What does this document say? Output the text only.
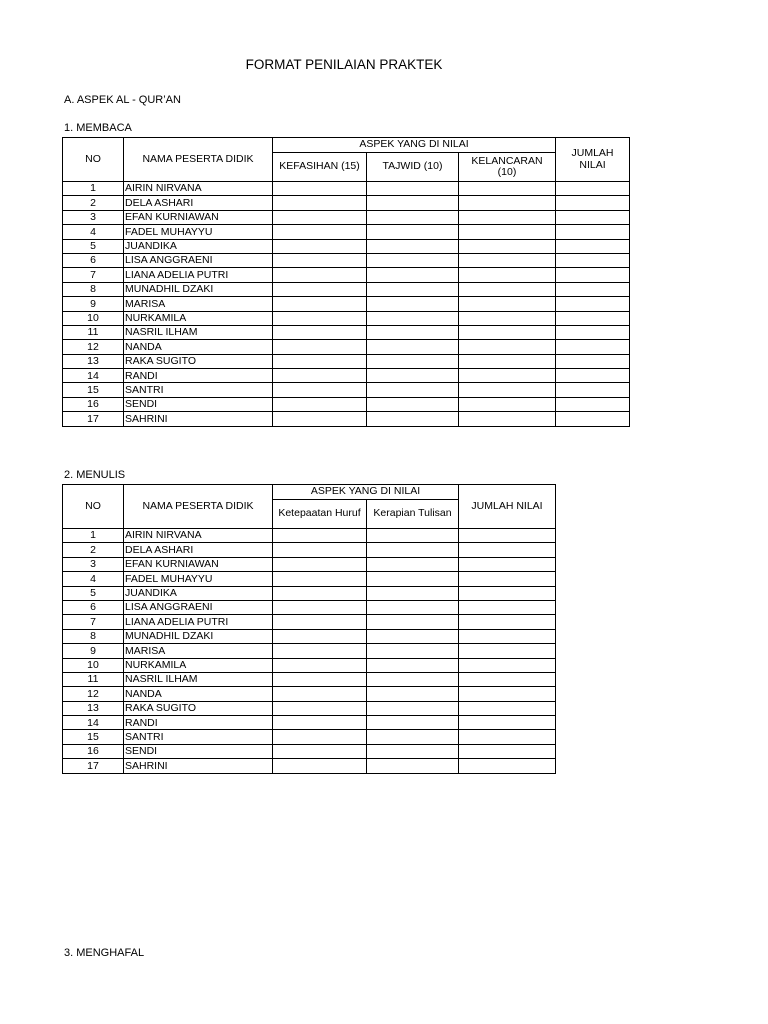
FORMAT PENILAIAN PRAKTEK
A. ASPEK AL - QUR’AN
1. MEMBACA
NO	NAMA PESERTA DIDIK	ASPEK YANG DI NILAI			JUMLAH NILAI
		KEFASIHAN (15)	TAJWID (10)	KELANCARAN (10)	
1	AIRIN NIRVANA				
2	DELA ASHARI				
3	EFAN KURNIAWAN				
4	FADEL MUHAYYU				
5	JUANDIKA				
6	LISA ANGGRAENI				
7	LIANA ADELIA PUTRI				
8	MUNADHIL DZAKI				
9	MARISA				
10	NURKAMILA				
11	NASRIL ILHAM				
12	NANDA				
13	RAKA SUGITO				
14	RANDI				
15	SANTRI				
16	SENDI				
17	SAHRINI				
2. MENULIS
NO	NAMA PESERTA DIDIK	ASPEK YANG DI NILAI		JUMLAH NILAI
		Ketepaatan Huruf	Kerapian Tulisan	
1	AIRIN NIRVANA			
2	DELA ASHARI			
3	EFAN KURNIAWAN			
4	FADEL MUHAYYU			
5	JUANDIKA			
6	LISA ANGGRAENI			
7	LIANA ADELIA PUTRI			
8	MUNADHIL DZAKI			
9	MARISA			
10	NURKAMILA			
11	NASRIL ILHAM			
12	NANDA			
13	RAKA SUGITO			
14	RANDI			
15	SANTRI			
16	SENDI			
17	SAHRINI			
3. MENGHAFAL
